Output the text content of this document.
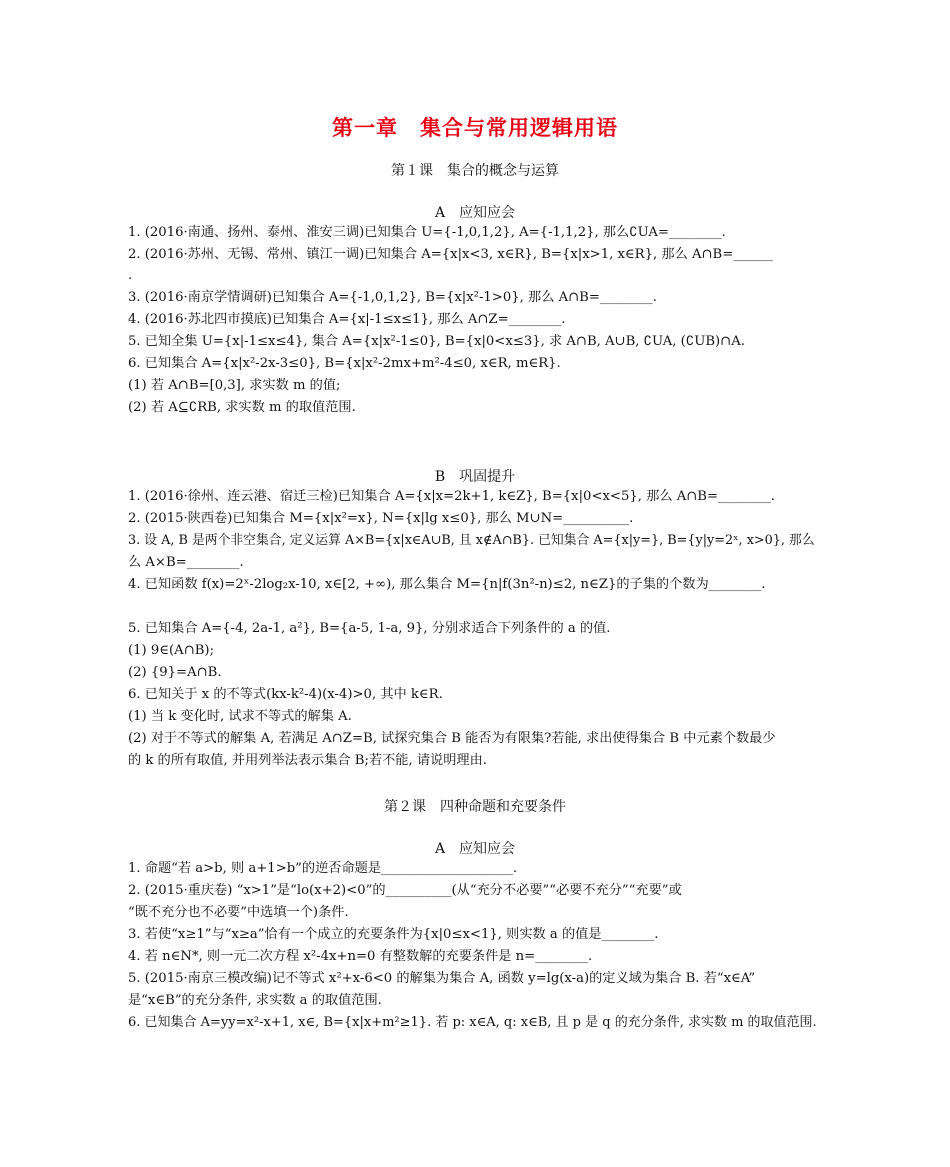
第一章　集合与常用逻辑用语
第１课　集合的概念与运算
A　应知应会
1. (2016·南通、扬州、泰州、淮安三调)已知集合 U={-1,0,1,2}, A={-1,1,2}, 那么∁UA=________.
2. (2016·苏州、无锡、常州、镇江一调)已知集合 A={x|x<3, x∈R}, B={x|x>1, x∈R}, 那么 A∩B=______
.
3. (2016·南京学情调研)已知集合 A={-1,0,1,2}, B={x|x²-1>0}, 那么 A∩B=________.
4. (2016·苏北四市摸底)已知集合 A={x|-1≤x≤1}, 那么 A∩Z=________.
5. 已知全集 U={x|-1≤x≤4}, 集合 A={x|x²-1≤0}, B={x|0<x≤3}, 求 A∩B, A∪B, ∁UA, (∁UB)∩A.
6. 已知集合 A={x|x²-2x-3≤0}, B={x|x²-2mx+m²-4≤0, x∈R, m∈R}.
(1) 若 A∩B=[0,3], 求实数 m 的值;
(2) 若 A⊆∁RB, 求实数 m 的取值范围.
B　巩固提升
1. (2016·徐州、连云港、宿迁三检)已知集合 A={x|x=2k+1, k∈Z}, B={x|0<x<5}, 那么 A∩B=________.
2. (2015·陕西卷)已知集合 M={x|x²=x}, N={x|lg x≤0}, 那么 M∪N=__________.
3. 设 A, B 是两个非空集合, 定义运算 A×B={x|x∈A∪B, 且 x∉A∩B}. 已知集合 A={x|y=}, B={y|y=2ˣ, x>0}, 那么
么 A×B=________.
4. 已知函数 f(x)=2ˣ-2log₂x-10, x∈[2, +∞), 那么集合 M={n|f(3n²-n)≤2, n∈Z}的子集的个数为________.
5. 已知集合 A={-4, 2a-1, a²}, B={a-5, 1-a, 9}, 分别求适合下列条件的 a 的值.
(1) 9∈(A∩B);
(2) {9}=A∩B.
6. 已知关于 x 的不等式(kx-k²-4)(x-4)>0, 其中 k∈R.
(1) 当 k 变化时, 试求不等式的解集 A.
(2) 对于不等式的解集 A, 若满足 A∩Z=B, 试探究集合 B 能否为有限集?若能, 求出使得集合 B 中元素个数最少
的 k 的所有取值, 并用列举法表示集合 B;若不能, 请说明理由.
第２课　四种命题和充要条件
A　应知应会
1. 命题“若 a>b, 则 a+1>b”的逆否命题是____________________.
2. (2015·重庆卷) “x>1”是“lo(x+2)<0”的__________(从“充分不必要”“必要不充分”“充要”或
“既不充分也不必要”中选填一个)条件.
3. 若使“x≥1”与“x≥a”恰有一个成立的充要条件为{x|0≤x<1}, 则实数 a 的值是________.
4. 若 n∈N*, 则一元二次方程 x²-4x+n=0 有整数解的充要条件是 n=________.
5. (2015·南京三模改编)记不等式 x²+x-6<0 的解集为集合 A, 函数 y=lg(x-a)的定义域为集合 B. 若“x∈A”
是“x∈B”的充分条件, 求实数 a 的取值范围.
6. 已知集合 A=yy=x²-x+1, x∈, B={x|x+m²≥1}. 若 p: x∈A, q: x∈B, 且 p 是 q 的充分条件, 求实数 m 的取值范围.
